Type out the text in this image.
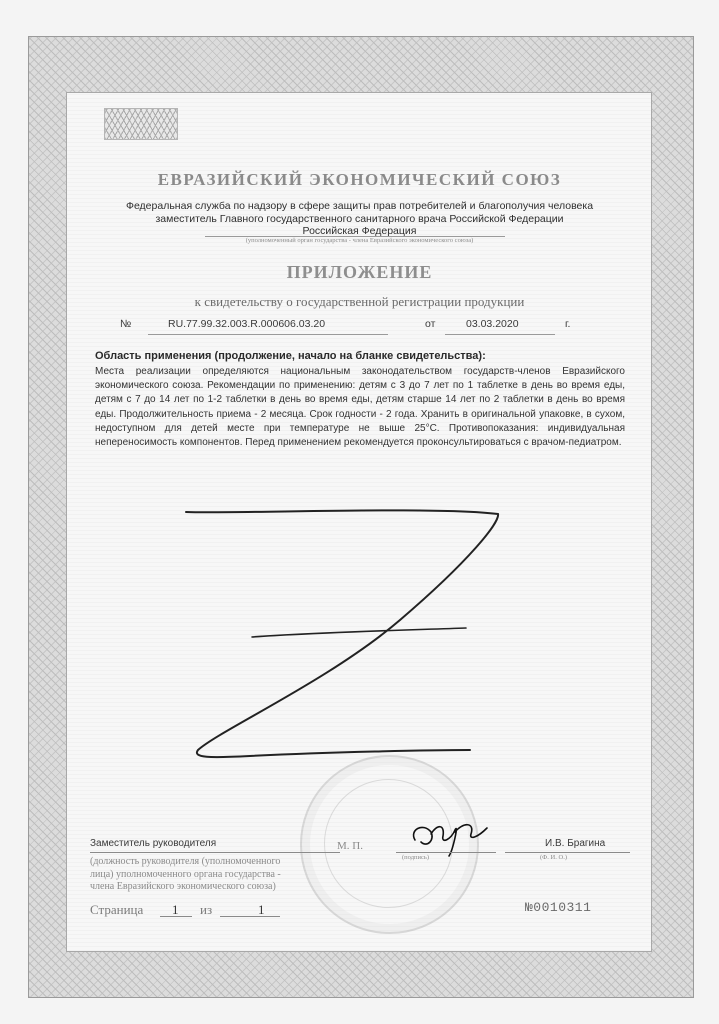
ЕВРАЗИЙСКИЙ ЭКОНОМИЧЕСКИЙ СОЮЗ
Федеральная служба по надзору в сфере защиты прав потребителей и благополучия человека
заместитель Главного государственного санитарного врача Российской Федерации
Российская Федерация
(уполномоченный орган государства - члена Евразийского экономического союза)
ПРИЛОЖЕНИЕ
к свидетельству о государственной регистрации продукции
№	RU.77.99.32.003.R.000606.03.20	от	03.03.2020	г.
Область применения (продолжение, начало на бланке свидетельства):
Места реализации определяются национальным законодательством государств-членов Евразийского экономического союза. Рекомендации по применению: детям с 3 до 7 лет по 1 таблетке в день во время еды, детям с 7 до 14 лет по 1-2 таблетки в день во время еды, детям старше 14 лет по 2 таблетки в день во время еды. Продолжительность приема - 2 месяца. Срок годности - 2 года. Хранить в оригинальной упаковке, в сухом, недоступном для детей месте при температуре не выше 25°С. Противопоказания: индивидуальная непереносимость компонентов. Перед применением рекомендуется проконсультироваться с врачом-педиатром.
Заместитель руководителя	М. П.
(подпись)
И.В. Брагина
(Ф. И. О.)
(должность руководителя (уполномоченного
лица) уполномоченного органа государства -
члена Евразийского экономического союза)
Страница 1 из	1	№0010311
